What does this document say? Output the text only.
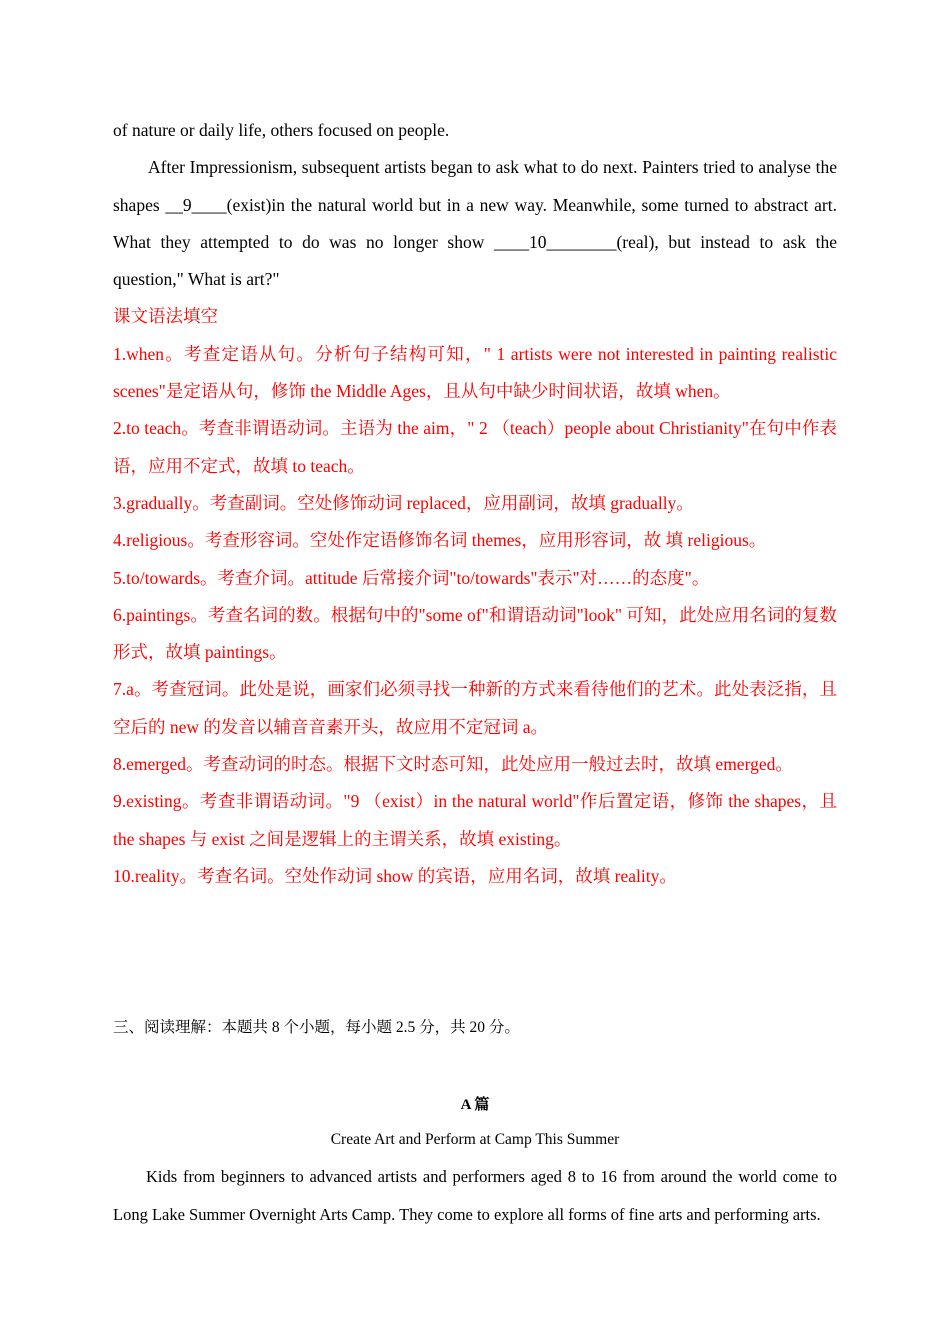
of nature or daily life, others focused on people.

After Impressionism, subsequent artists began to ask what to do next. Painters tried to analyse the shapes __9____(exist)in the natural world but in a new way. Meanwhile, some turned to abstract art. What they attempted to do was no longer show ____10________(real), but instead to ask the question," What is art?"

课文语法填空

1.when。考查定语从句。分析句子结构可知，" 1 artists were not interested in painting realistic scenes"是定语从句，修饰 the Middle Ages，且从句中缺少时间状语，故填 when。

2.to teach。考查非谓语动词。主语为 the aim，" 2 （teach）people about Christianity"在句中作表语，应用不定式，故填 to teach。

3.gradually。考查副词。空处修饰动词 replaced，应用副词，故填 gradually。

4.religious。考查形容词。空处作定语修饰名词 themes，应用形容词，故 填 religious。

5.to/towards。考查介词。attitude 后常接介词"to/towards"表示"对……的态度"。

6.paintings。考查名词的数。根据句中的"some of"和谓语动词"look" 可知，此处应用名词的复数形式，故填 paintings。

7.a。考查冠词。此处是说，画家们必须寻找一种新的方式来看待他们的艺术。此处表泛指，且空后的 new 的发音以辅音音素开头，故应用不定冠词 a。

8.emerged。考查动词的时态。根据下文时态可知，此处应用一般过去时，故填 emerged。

9.existing。考查非谓语动词。"9 （exist）in the natural world"作后置定语，修饰 the shapes，且 the shapes 与 exist 之间是逻辑上的主谓关系，故填 existing。

10.reality。考查名词。空处作动词 show 的宾语，应用名词，故填 reality。

三、阅读理解：本题共 8 个小题，每小题 2.5 分，共 20 分。

A 篇

Create Art and Perform at Camp This Summer

Kids from beginners to advanced artists and performers aged 8 to 16 from around the world come to Long Lake Summer Overnight Arts Camp. They come to explore all forms of fine arts and performing arts.
